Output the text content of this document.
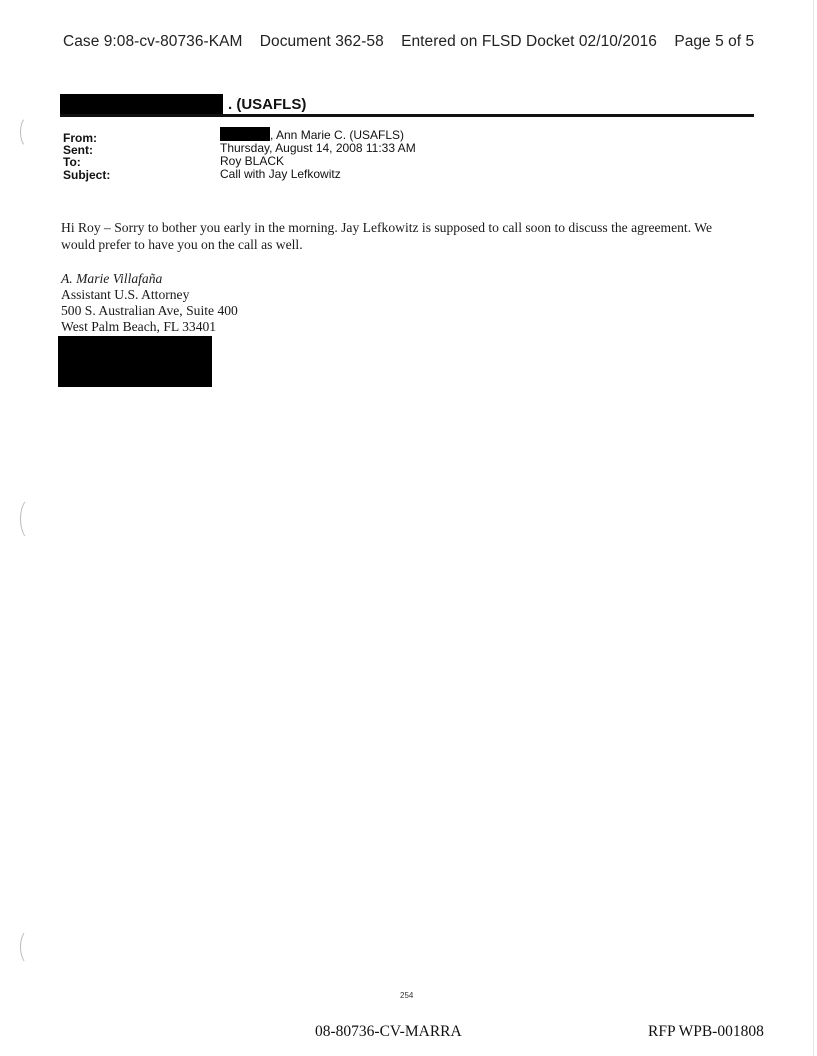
Case 9:08-cv-80736-KAM Document 362-58 Entered on FLSD Docket 02/10/2016 Page 5 of 5
. (USAFLS)
From:	, Ann Marie C. (USAFLS)
Sent:	Thursday, August 14, 2008 11:33 AM
To:	Roy BLACK
Subject:	Call with Jay Lefkowitz
Hi Roy – Sorry to bother you early in the morning. Jay Lefkowitz is supposed to call soon to discuss the agreement. We would prefer to have you on the call as well.
A. Marie Villafaña
Assistant U.S. Attorney
500 S. Australian Ave, Suite 400
West Palm Beach, FL 33401
254
08-80736-CV-MARRA	RFP WPB-001808
